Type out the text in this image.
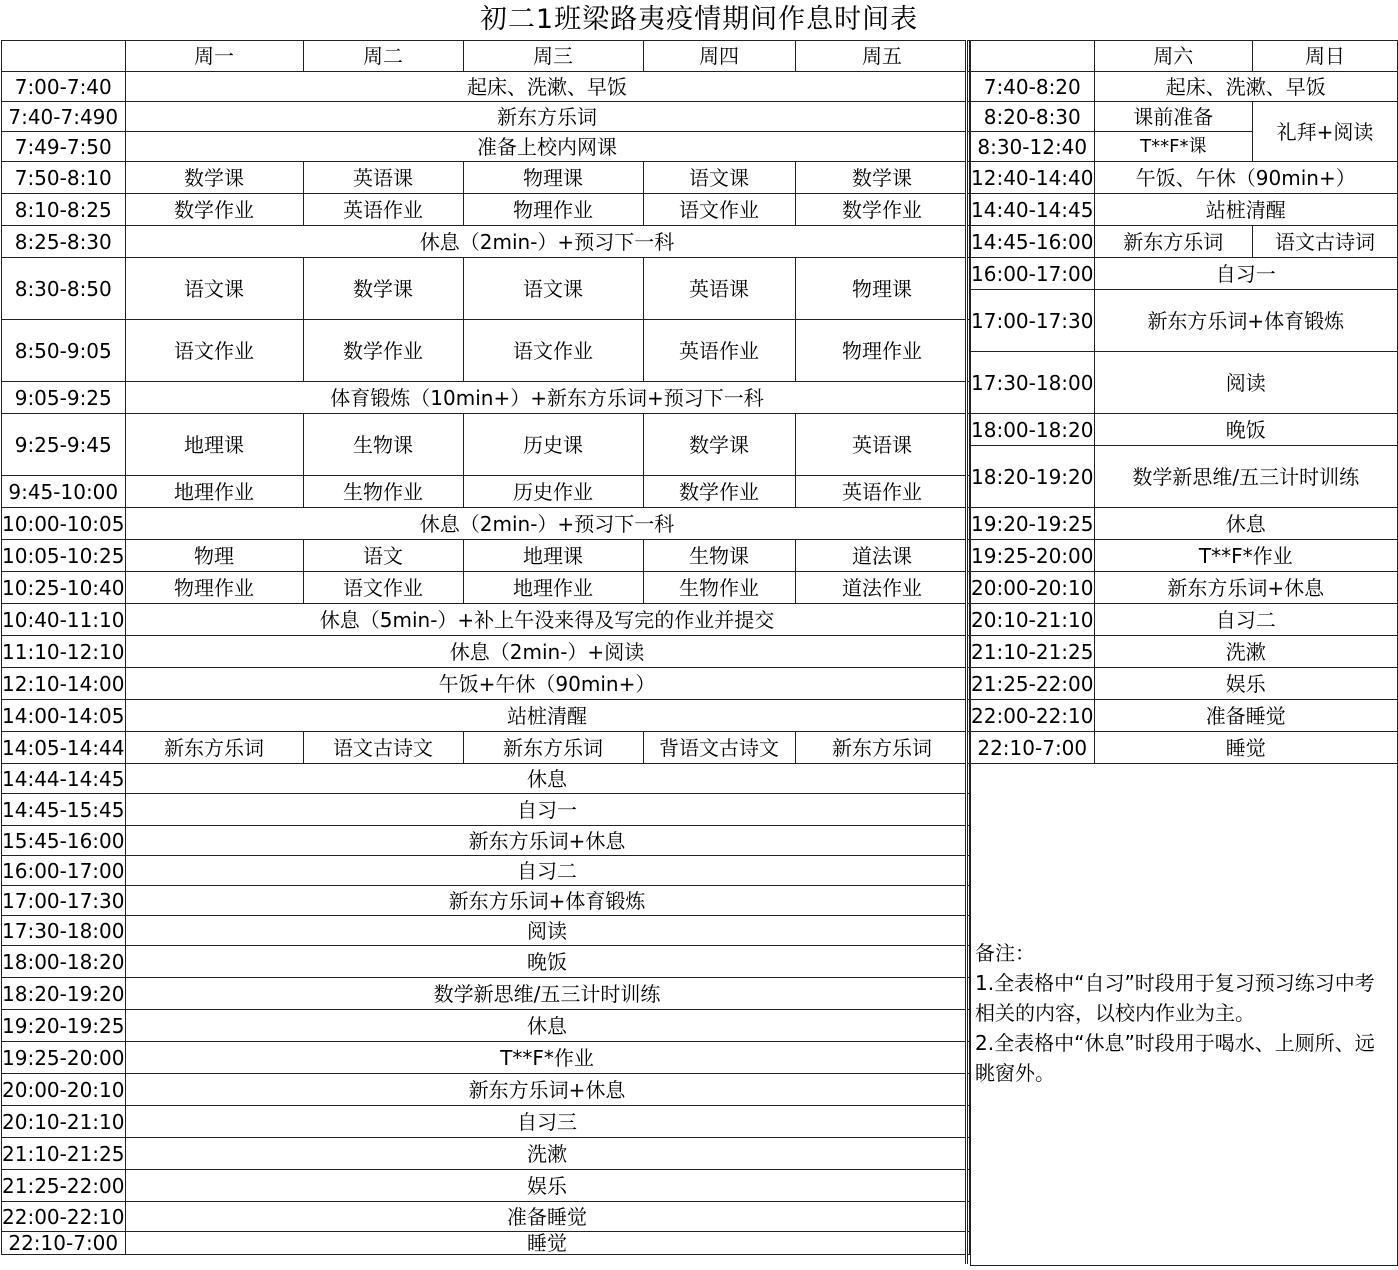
初二1班梁路夷疫情期间作息时间表
	周一	周二	周三	周四	周五
7:00-7:40	起床、洗漱、早饭				
7:40-7:490	新东方乐词				
7:49-7:50	准备上校内网课				
7:50-8:10	数学课	英语课	物理课	语文课	数学课
8:10-8:25	数学作业	英语作业	物理作业	语文作业	数学作业
8:25-8:30	休息（2min-）+预习下一科				
8:30-8:50	语文课	数学课	语文课	英语课	物理课
8:50-9:05	语文作业	数学作业	语文作业	英语作业	物理作业
9:05-9:25	体育锻炼（10min+）+新东方乐词+预习下一科				
9:25-9:45	地理课	生物课	历史课	数学课	英语课
9:45-10:00	地理作业	生物作业	历史作业	数学作业	英语作业
10:00-10:05	休息（2min-）+预习下一科				
10:05-10:25	物理	语文	地理课	生物课	道法课
10:25-10:40	物理作业	语文作业	地理作业	生物作业	道法作业
10:40-11:10	休息（5min-）+补上午没来得及写完的作业并提交				
11:10-12:10	休息（2min-）+阅读				
12:10-14:00	午饭+午休（90min+）				
14:00-14:05	站桩清醒				
14:05-14:44	新东方乐词	语文古诗文	新东方乐词	背语文古诗文	新东方乐词
14:44-14:45	休息				
14:45-15:45	自习一				
15:45-16:00	新东方乐词+休息				
16:00-17:00	自习二				
17:00-17:30	新东方乐词+体育锻炼				
17:30-18:00	阅读				
18:00-18:20	晚饭				
18:20-19:20	数学新思维/五三计时训练				
19:20-19:25	休息				
19:25-20:00	T**F*作业				
20:00-20:10	新东方乐词+休息				
20:10-21:10	自习三				
21:10-21:25	洗漱				
21:25-22:00	娱乐				
22:00-22:10	准备睡觉				
22:10-7:00	睡觉				
	周六	周日
7:40-8:20	起床、洗漱、早饭	
8:20-8:30	课前准备	礼拜+阅读
8:30-12:40	T**F*课	
12:40-14:40	午饭、午休（90min+）	
14:40-14:45	站桩清醒	
14:45-16:00	新东方乐词	语文古诗词
16:00-17:00	自习一	
17:00-17:30	新东方乐词+体育锻炼	
17:30-18:00	阅读	
18:00-18:20	晚饭	
18:20-19:20	数学新思维/五三计时训练	
19:20-19:25	休息	
19:25-20:00	T**F*作业	
20:00-20:10	新东方乐词+休息	
20:10-21:10	自习二	
21:10-21:25	洗漱	
21:25-22:00	娱乐	
22:00-22:10	准备睡觉	
22:10-7:00	睡觉	

备注：
1.全表格中“自习”时段用于复习预习练习中考相关的内容，以校内作业为主。
2.全表格中“休息”时段用于喝水、上厕所、远眺窗外。		
